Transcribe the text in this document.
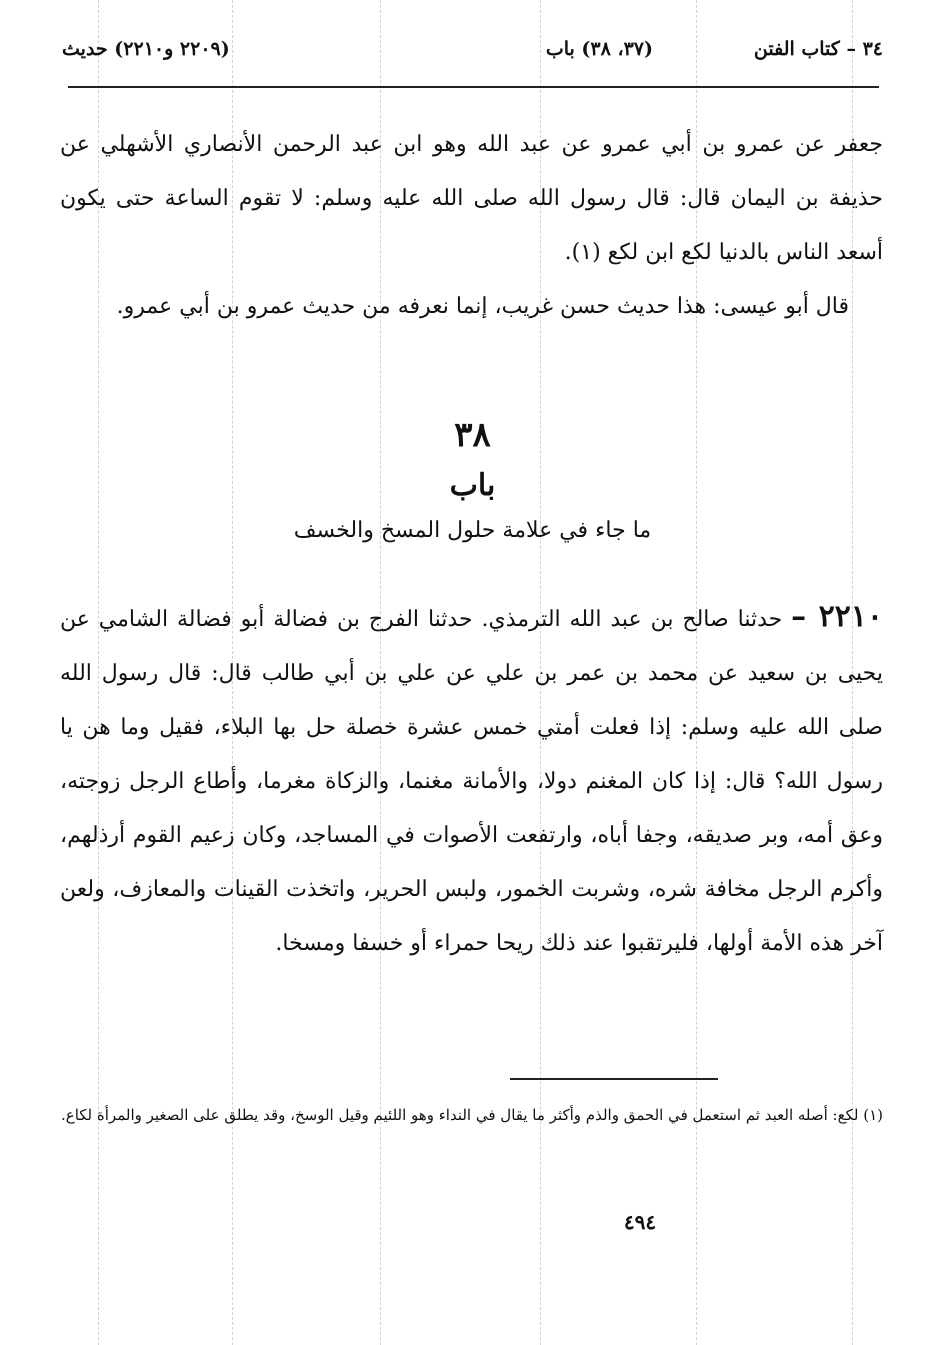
٣٤ – كتاب الفتن
(٣٧، ٣٨) باب
(٢٢٠٩ و٢٢١٠) حديث
جعفر عن عمرو بن أبي عمرو عن عبد الله وهو ابن عبد الرحمن الأنصاري الأشهلي عن حذيفة بن اليمان قال: قال رسول الله صلى الله عليه وسلم: لا تقوم الساعة حتى يكون أسعد الناس بالدنيا لكع ابن لكع (١).
قال أبو عيسى: هذا حديث حسن غريب، إنما نعرفه من حديث عمرو بن أبي عمرو.
٣٨
باب
ما جاء في علامة حلول المسخ والخسف
٢٢١٠ – حدثنا صالح بن عبد الله الترمذي. حدثنا الفرج بن فضالة أبو فضالة الشامي عن يحيى بن سعيد عن محمد بن عمر بن علي عن علي بن أبي طالب قال: قال رسول الله صلى الله عليه وسلم: إذا فعلت أمتي خمس عشرة خصلة حل بها البلاء، فقيل وما هن يا رسول الله؟ قال: إذا كان المغنم دولا، والأمانة مغنما، والزكاة مغرما، وأطاع الرجل زوجته، وعق أمه، وبر صديقه، وجفا أباه، وارتفعت الأصوات في المساجد، وكان زعيم القوم أرذلهم، وأكرم الرجل مخافة شره، وشربت الخمور، ولبس الحرير، واتخذت القينات والمعازف، ولعن آخر هذه الأمة أولها، فليرتقبوا عند ذلك ريحا حمراء أو خسفا ومسخا.
(١) لكع: أصله العبد ثم استعمل في الحمق والذم وأكثر ما يقال في النداء وهو اللئيم وقيل الوسخ، وقد يطلق على الصغير والمرأة لكاع.
٤٩٤
